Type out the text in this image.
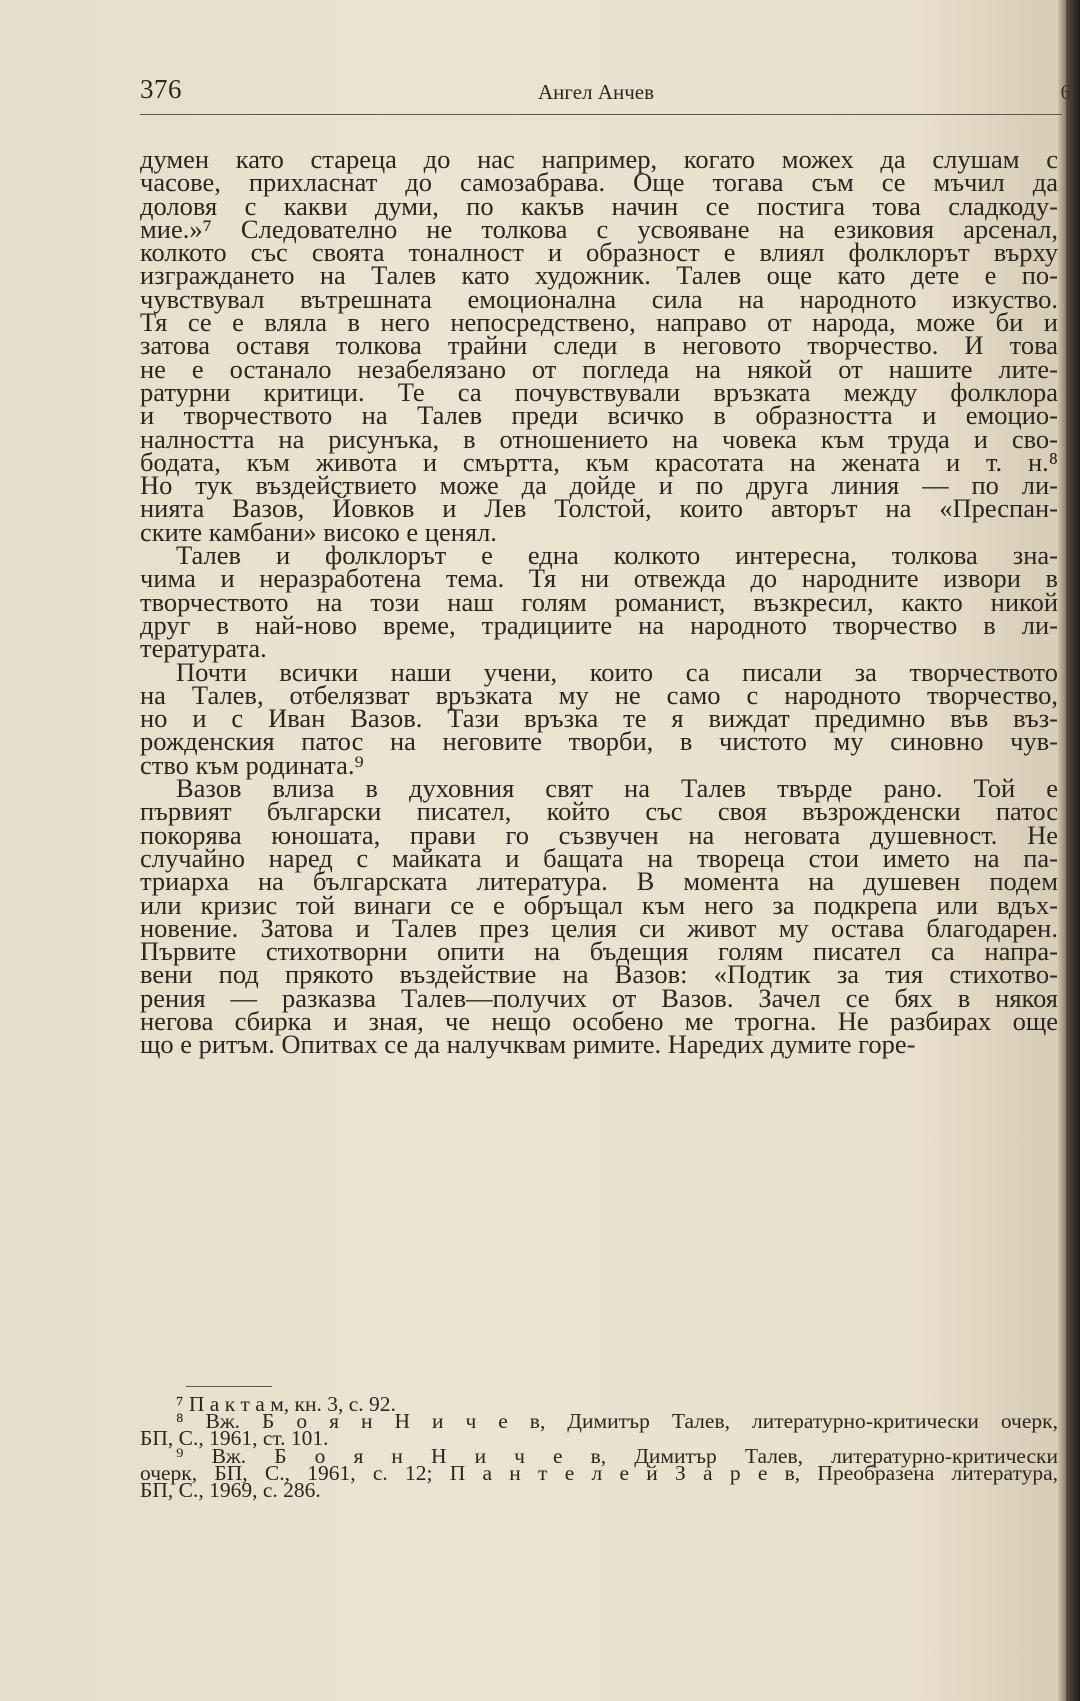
376	Ангел Анчев	6
думен като стареца до нас например, когато можех да слушам с
часове, прихласнат до самозабрава. Още тогава съм се мъчил да
доловя с какви думи, по какъв начин се постига това сладкоду-
мие.»⁷ Следователно не толкова с усвояване на езиковия арсенал,
колкото със своята тоналност и образност е влиял фолклорът върху
изграждането на Талев като художник. Талев още като дете е по-
чувствувал вътрешната емоционална сила на народното изкуство.
Тя се е вляла в него непосредствено, направо от народа, може би и
затова оставя толкова трайни следи в неговото творчество. И това
не е останало незабелязано от погледа на някой от нашите лите-
ратурни критици. Те са почувствували връзката между фолклора
и творчеството на Талев преди всичко в образността и емоцио-
налността на рисунъка, в отношението на човека към труда и сво-
бодата, към живота и смъртта, към красотата на жената и т. н.⁸
Но тук въздействието може да дойде и по друга линия — по ли-
нията Вазов, Йовков и Лев Толстой, които авторът на «Преспан-
ските камбани» високо е ценял.
Талев и фолклорът е една колкото интересна, толкова зна-
чима и неразработена тема. Тя ни отвежда до народните извори в
творчеството на този наш голям романист, възкресил, както никой
друг в най-ново време, традициите на народното творчество в ли-
тературата.
Почти всички наши учени, които са писали за творчеството
на Талев, отбелязват връзката му не само с народното творчество,
но и с Иван Вазов. Тази връзка те я виждат предимно във въз-
рожденския патос на неговите творби, в чистото му синовно чув-
ство към родината.⁹
Вазов влиза в духовния свят на Талев твърде рано. Той е
първият български писател, който със своя възрожденски патос
покорява юношата, прави го съзвучен на неговата душевност. Не
случайно наред с майката и бащата на твореца стои името на па-
триарха на българската литература. В момента на душевен подем
или кризис той винаги се е обръщал към него за подкрепа или вдъх-
новение. Затова и Талев през целия си живот му остава благодарен.
Първите стихотворни опити на бъдещия голям писател са напра-
вени под прякото въздействие на Вазов: «Подтик за тия стихотво-
рения — разказва Талев—получих от Вазов. Зачел се бях в някоя
негова сбирка и зная, че нещо особено ме трогна. Не разбирах още
що е ритъм. Опитвах се да налучквам римите. Наредих думите горе-
⁷ П а к т а м, кн. 3, с. 92.
⁸ Вж. Б о я н Н и ч е в, Димитър Талев, литературно-критически очерк,
БП, С., 1961, ст. 101.
⁹ Вж. Б о я н Н и ч е в, Димитър Талев, литературно-критически
очерк, БП, С., 1961, с. 12; П а н т е л е й З а р е в, Преобразена литература,
БП, С., 1969, с. 286.
